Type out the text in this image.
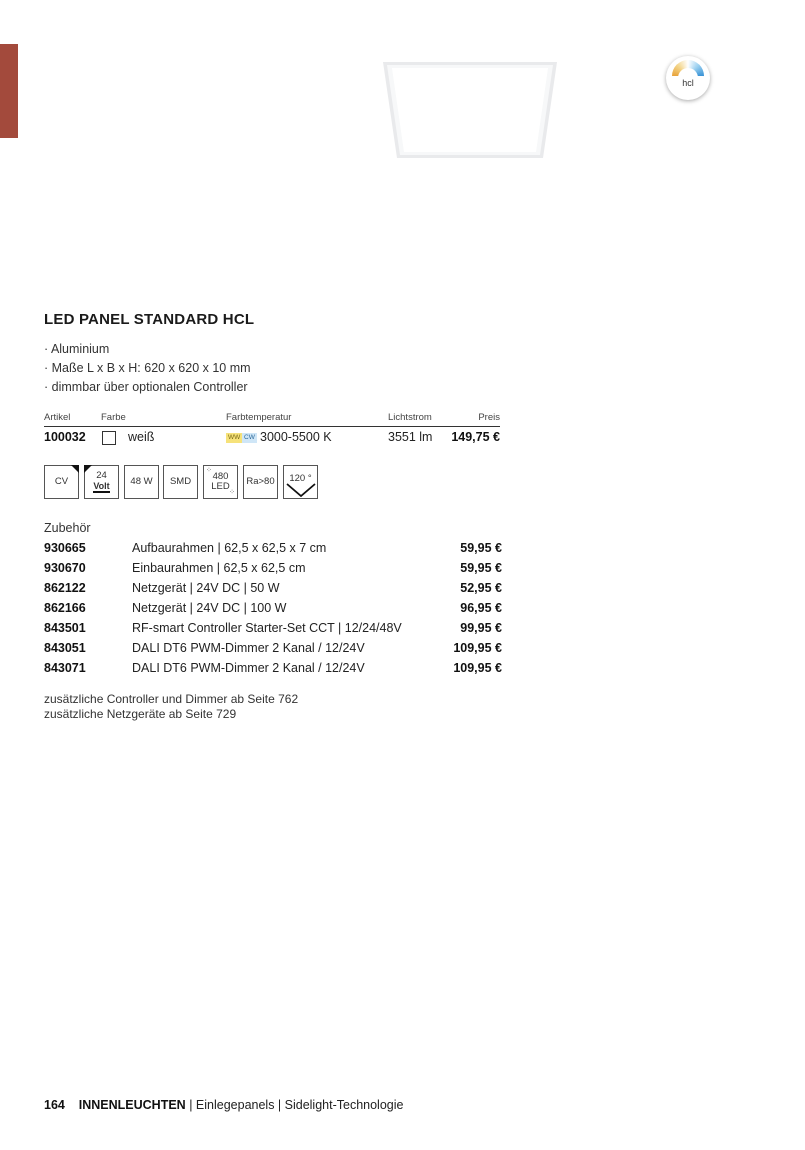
hcl
LED PANEL STANDARD HCL
· Aluminium
· Maße L x B x H: 620 x 620 x 10 mm
· dimmbar über optionalen Controller
Artikel	Farbe	Farbtemperatur	Lichtstrom	Preis
100032	weiß	WW CW 3000-5500 K	3551 lm	149,75 €
CV
24
Volt 48 W SMD
⁘
⁘
480
LED Ra>80 120 °
Zubehör
930665	Aufbaurahmen | 62,5 x 62,5 x 7 cm	59,95 €
930670	Einbaurahmen | 62,5 x 62,5 cm	59,95 €
862122	Netzgerät | 24V DC | 50 W	52,95 €
862166	Netzgerät | 24V DC | 100 W	96,95 €
843501	RF-smart Controller Starter-Set CCT | 12/24/48V	99,95 €
843051	DALI DT6 PWM-Dimmer 2 Kanal / 12/24V	109,95 €
843071	DALI DT6 PWM-Dimmer 2 Kanal / 12/24V	109,95 €
zusätzliche Controller und Dimmer ab Seite 762
zusätzliche Netzgeräte ab Seite 729
164 INNENLEUCHTEN | Einlegepanels | Sidelight-Technologie
